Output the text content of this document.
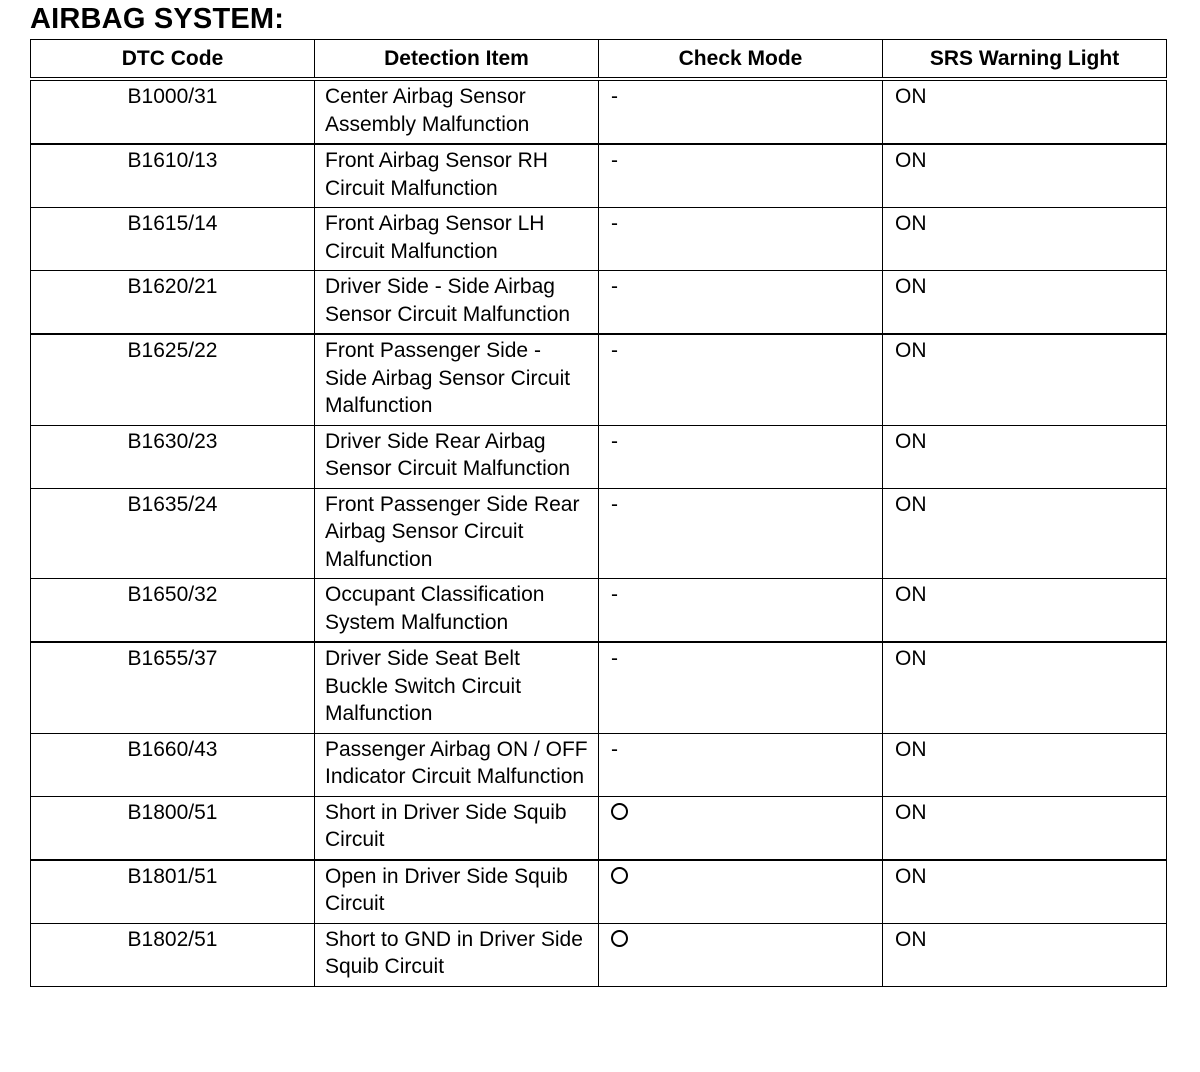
AIRBAG SYSTEM:
DTC Code	Detection Item	Check Mode	SRS Warning Light
B1000/31	Center Airbag Sensor Assembly Malfunction	-	ON
B1610/13	Front Airbag Sensor RH Circuit Malfunction	-	ON
B1615/14	Front Airbag Sensor LH Circuit Malfunction	-	ON
B1620/21	Driver Side - Side Airbag Sensor Circuit Malfunction	-	ON
B1625/22	Front Passenger Side - Side Airbag Sensor Circuit Malfunction	-	ON
B1630/23	Driver Side Rear Airbag Sensor Circuit Malfunction	-	ON
B1635/24	Front Passenger Side Rear Airbag Sensor Circuit Malfunction	-	ON
B1650/32	Occupant Classification System Malfunction	-	ON
B1655/37	Driver Side Seat Belt Buckle Switch Circuit Malfunction	-	ON
B1660/43	Passenger Airbag ON / OFF Indicator Circuit Malfunction	-	ON
B1800/51	Short in Driver Side Squib Circuit		ON
B1801/51	Open in Driver Side Squib Circuit		ON
B1802/51	Short to GND in Driver Side Squib Circuit		ON
